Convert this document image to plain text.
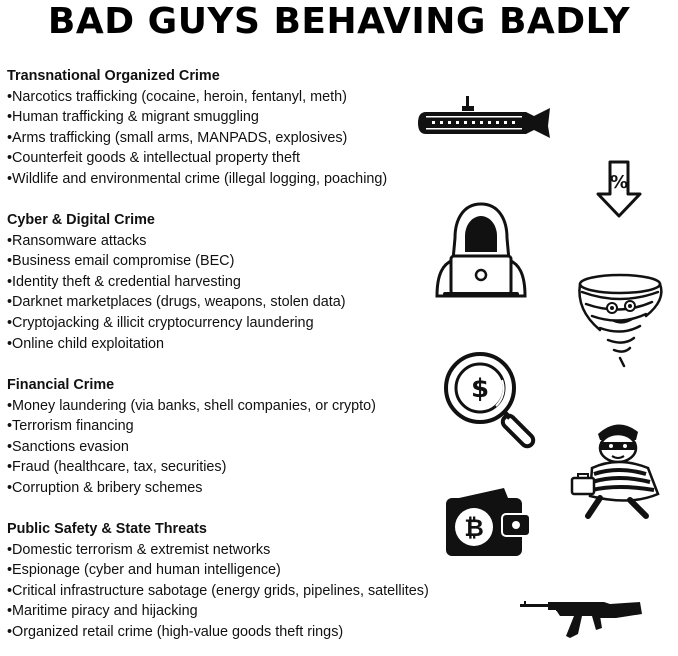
BAD GUYS BEHAVING BADLY
Transnational Organized Crime
•Narcotics trafficking (cocaine, heroin, fentanyl, meth)
•Human trafficking & migrant smuggling
•Arms trafficking (small arms, MANPADS, explosives)
•Counterfeit goods & intellectual property theft
•Wildlife and environmental crime (illegal logging, poaching)
Cyber & Digital Crime
•Ransomware attacks
•Business email compromise (BEC)
•Identity theft & credential harvesting
•Darknet marketplaces (drugs, weapons, stolen data)
•Cryptojacking & illicit cryptocurrency laundering
•Online child exploitation
Financial Crime
•Money laundering (via banks, shell companies, or crypto)
•Terrorism financing
•Sanctions evasion
•Fraud (healthcare, tax, securities)
•Corruption & bribery schemes
Public Safety & State Threats
•Domestic terrorism & extremist networks
•Espionage (cyber and human intelligence)
•Critical infrastructure sabotage (energy grids, pipelines, satellites)
•Maritime piracy and hijacking
•Organized retail crime (high-value goods theft rings)
%
$
₿
